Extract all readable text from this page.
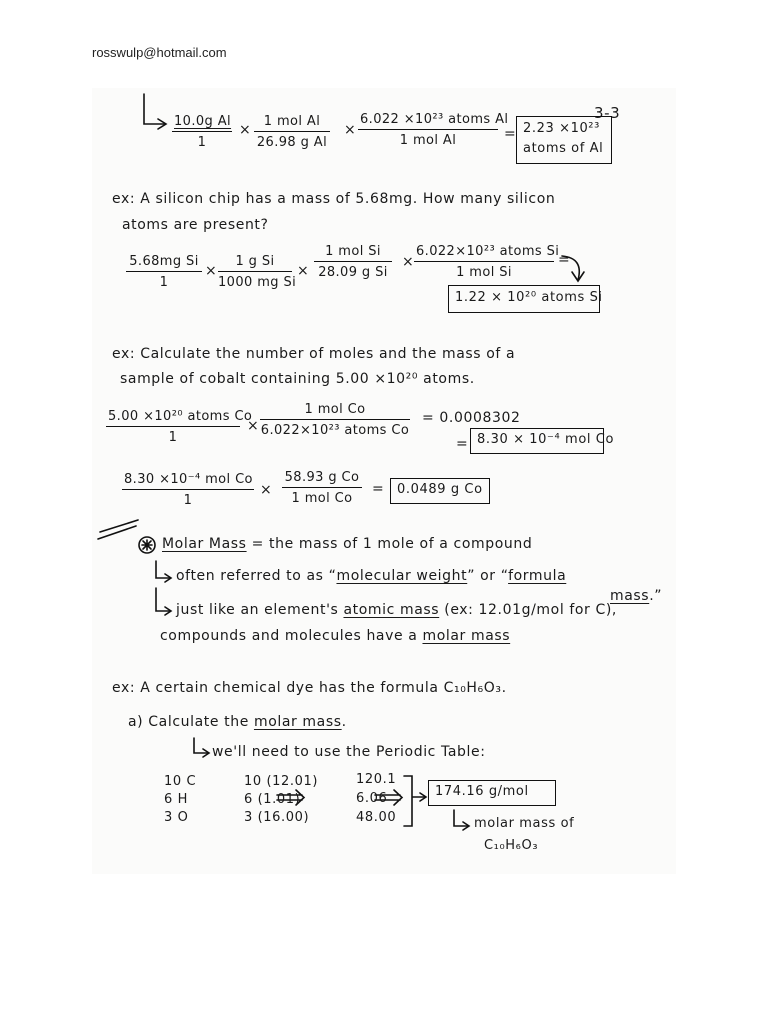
rosswulp@hotmail.com
3-3
$\frac{\text{10.0g Al}}{1}$ ×
1 mol Al
26.98 g Al
×
6.022 ×10²³ atoms Al
1 mol Al	= 2.23 ×10²³
atoms of Al
ex: A silicon chip has a mass of 5.68mg. How many silicon
atoms are present?
$\frac{\text{5.68mg Si}}{1} \times \frac{\text{1 g Si}}{\text{1000 mg Si}}$ ×
1 mol Si
28.09 g Si
×
6.022×10²³ atoms Si
1 mol Si
=
1.22 × 10²⁰ atoms Si
ex: Calculate the number of moles and the mass of a
sample of cobalt containing 5.00 ×10²⁰ atoms.
5.00 ×10²⁰ atoms Co
1
×
1 mol Co
6.022×10²³ atoms Co
= 0.0008302
= 8.30 × 10⁻⁴ mol Co
8.30 ×10⁻⁴ mol Co
1
×
58.93 g Co
1 mol Co
= 0.0489 g Co
Molar Mass = the mass of 1 mole of a compound
often referred to as “molecular weight” or “formula
mass.”
just like an element's atomic mass (ex: 12.01g/mol for C),
compounds and molecules have a molar mass
ex: A certain chemical dye has the formula C₁₀H₆O₃.
a) Calculate the molar mass.
we'll need to use the Periodic Table:
10 C
6 H
3 O
10 (12.01)
6 (1.01)
3 (16.00)
120.1
6.06
48.00
174.16 g/mol
molar mass of
C₁₀H₆O₃
